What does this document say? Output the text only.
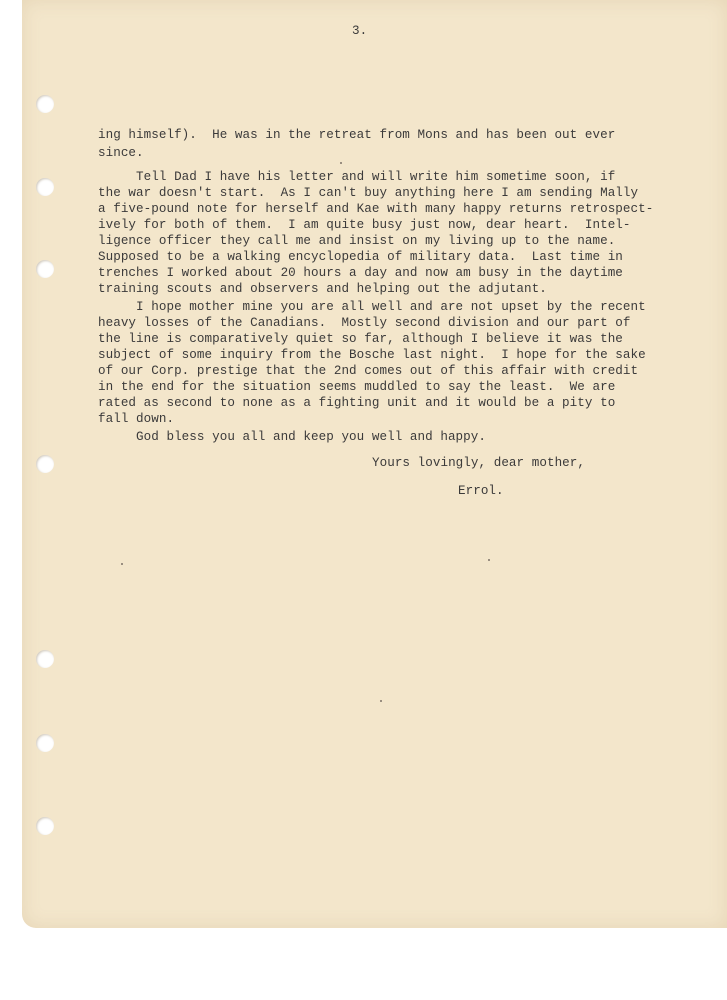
3.
ing himself).  He was in the retreat from Mons and has been out ever
since.
Tell Dad I have his letter and will write him sometime soon, if
the war doesn't start.  As I can't buy anything here I am sending Mally
a five-pound note for herself and Kae with many happy returns retrospect-
ively for both of them.  I am quite busy just now, dear heart.  Intel-
ligence officer they call me and insist on my living up to the name.
Supposed to be a walking encyclopedia of military data.  Last time in
trenches I worked about 20 hours a day and now am busy in the daytime
training scouts and observers and helping out the adjutant.
I hope mother mine you are all well and are not upset by the recent
heavy losses of the Canadians.  Mostly second division and our part of
the line is comparatively quiet so far, although I believe it was the
subject of some inquiry from the Bosche last night.  I hope for the sake
of our Corp. prestige that the 2nd comes out of this affair with credit
in the end for the situation seems muddled to say the least.  We are
rated as second to none as a fighting unit and it would be a pity to
fall down.
God bless you all and keep you well and happy.
Yours lovingly, dear mother,
Errol.
